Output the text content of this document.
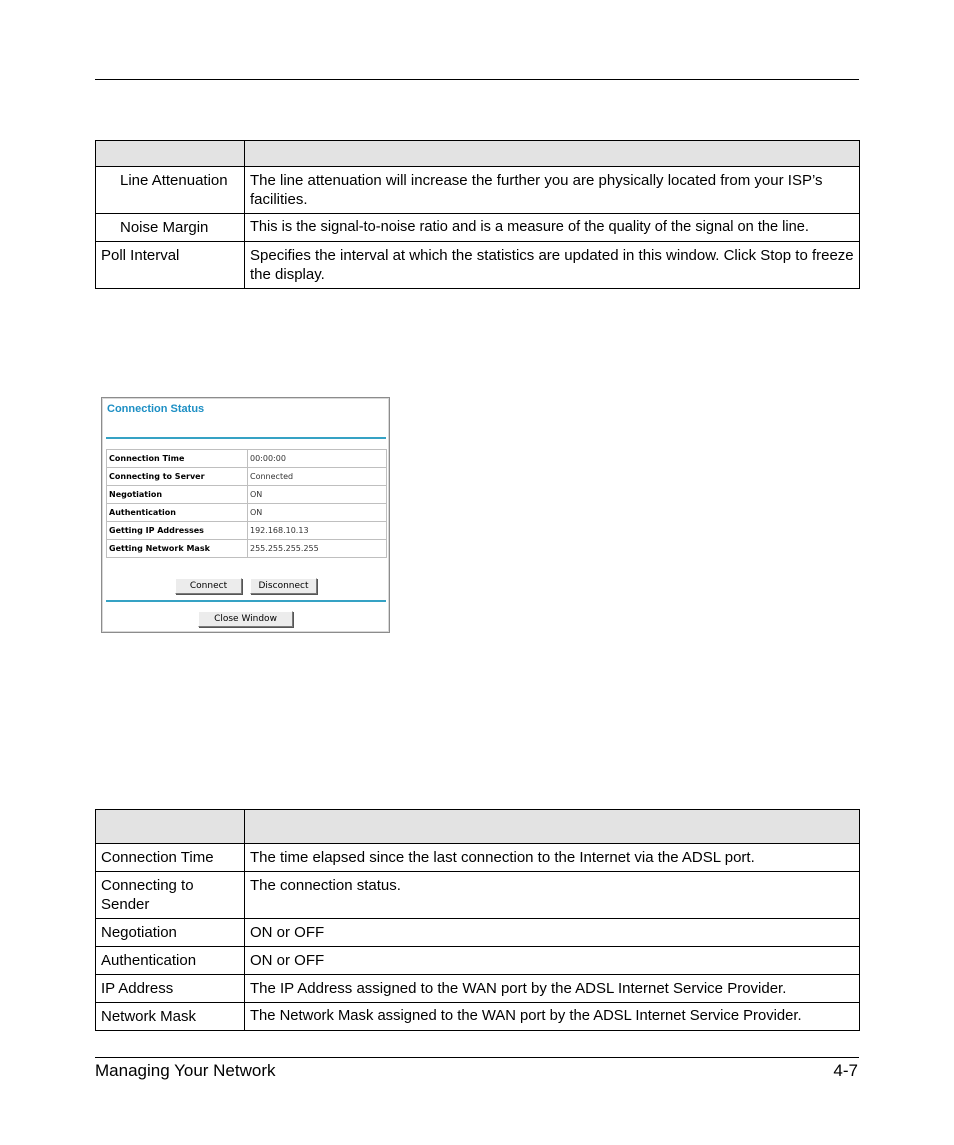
Line Attenuation	The line attenuation will increase the further you are physically located from your ISP’s facilities.
Noise Margin	This is the signal-to-noise ratio and is a measure of the quality of the signal on the line.
Poll Interval	Specifies the interval at which the statistics are updated in this window. Click Stop to freeze the display.
Connection Status
Connection Time	00:00:00
Connecting to Server	Connected
Negotiation	ON
Authentication	ON
Getting IP Addresses	192.168.10.13
Getting Network Mask	255.255.255.255
Connect	Disconnect
Close Window

Connection Time	The time elapsed since the last connection to the Internet via the ADSL port.
Connecting to Sender	The connection status.
Negotiation	ON or OFF
Authentication	ON or OFF
IP Address	The IP Address assigned to the WAN port by the ADSL Internet Service Provider.
Network Mask	The Network Mask assigned to the WAN port by the ADSL Internet Service Provider.
Managing Your Network	4-7
